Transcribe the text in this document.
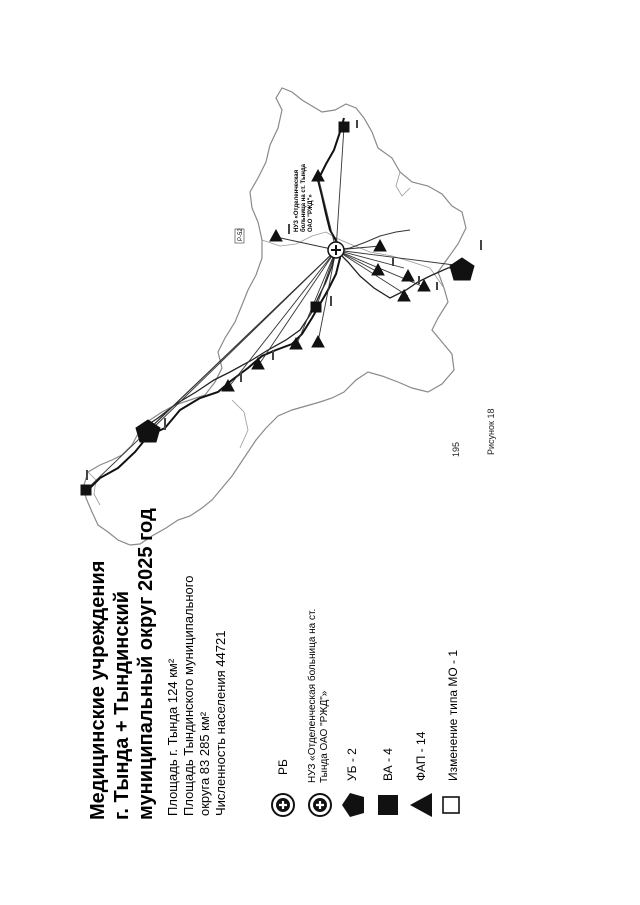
НУЗ «Отделенческая больница на ст. Тында ОАО "РЖД"»
Р-52
195	Рисунок 18
Медицинские учреждения г. Тында + Тындинский муниципальный округ 2025 год Площадь г. Тында 124 км² Площадь Тындинского муниципального округа 83 285 км² Численность населения 44721	РБ НУЗ «Отделенческая больница на ст. Тында ОАО "РЖД"» УБ - 2 ВА - 4 ФАП - 14 Изменение типа МО - 1
